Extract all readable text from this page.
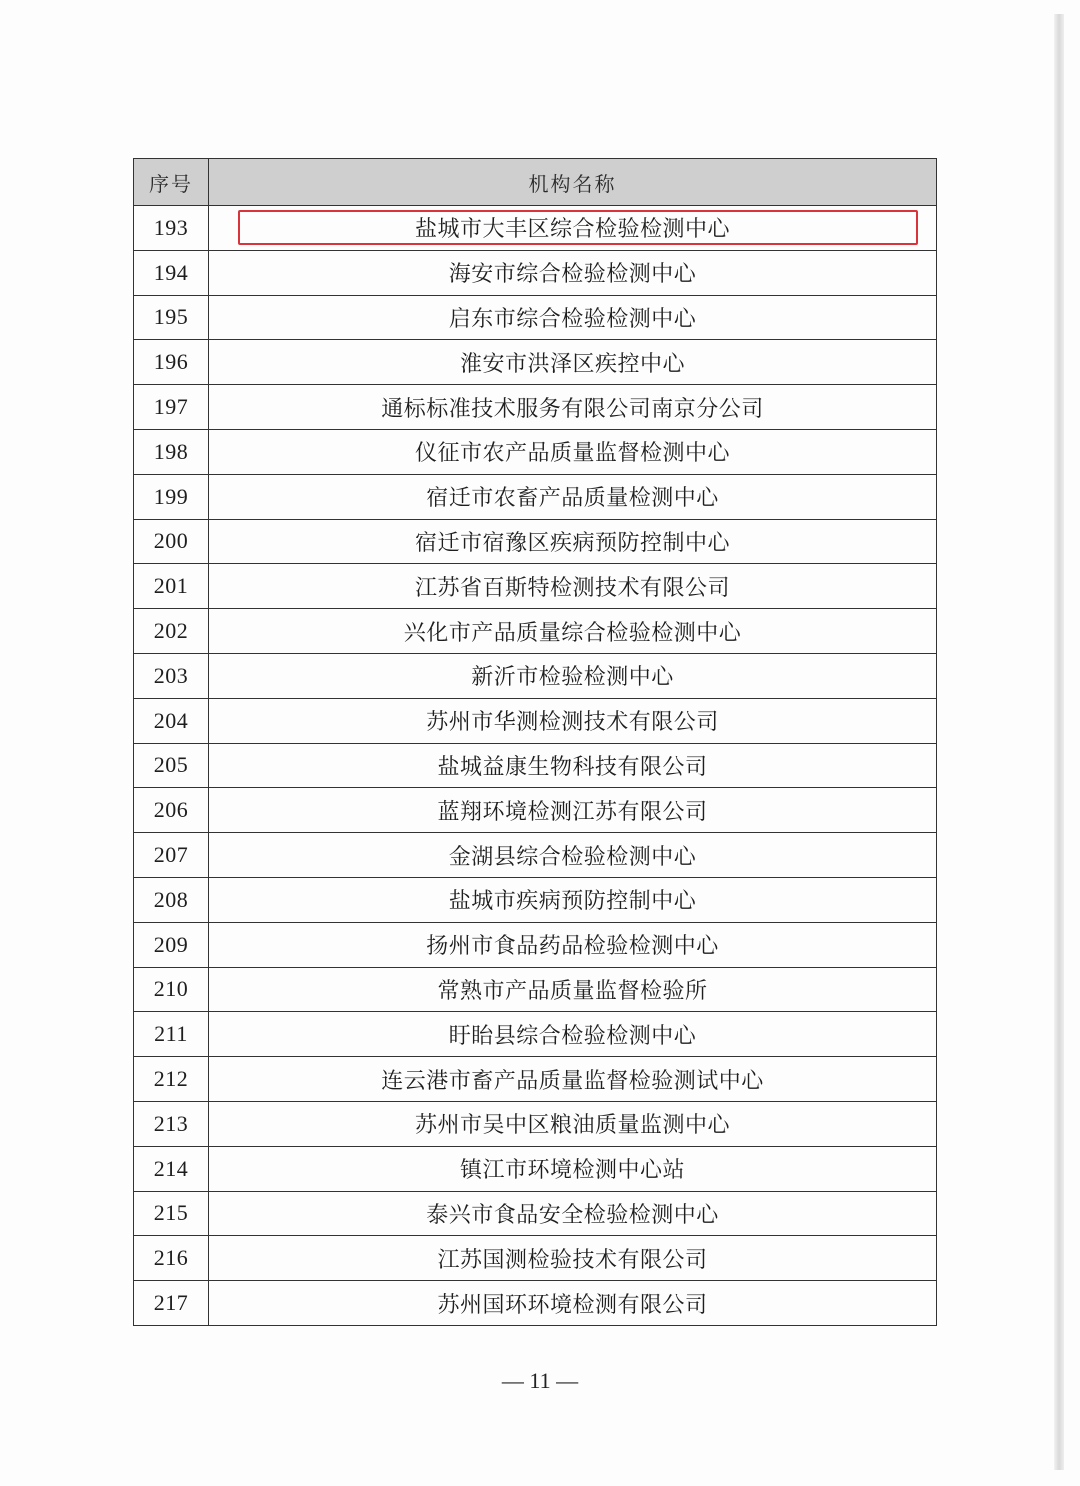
序号	机构名称
193	盐城市大丰区综合检验检测中心
194	海安市综合检验检测中心
195	启东市综合检验检测中心
196	淮安市洪泽区疾控中心
197	通标标准技术服务有限公司南京分公司
198	仪征市农产品质量监督检测中心
199	宿迁市农畜产品质量检测中心
200	宿迁市宿豫区疾病预防控制中心
201	江苏省百斯特检测技术有限公司
202	兴化市产品质量综合检验检测中心
203	新沂市检验检测中心
204	苏州市华测检测技术有限公司
205	盐城益康生物科技有限公司
206	蓝翔环境检测江苏有限公司
207	金湖县综合检验检测中心
208	盐城市疾病预防控制中心
209	扬州市食品药品检验检测中心
210	常熟市产品质量监督检验所
211	盱眙县综合检验检测中心
212	连云港市畜产品质量监督检验测试中心
213	苏州市吴中区粮油质量监测中心
214	镇江市环境检测中心站
215	泰兴市食品安全检验检测中心
216	江苏国测检验技术有限公司
217	苏州国环环境检测有限公司
— 11 —
